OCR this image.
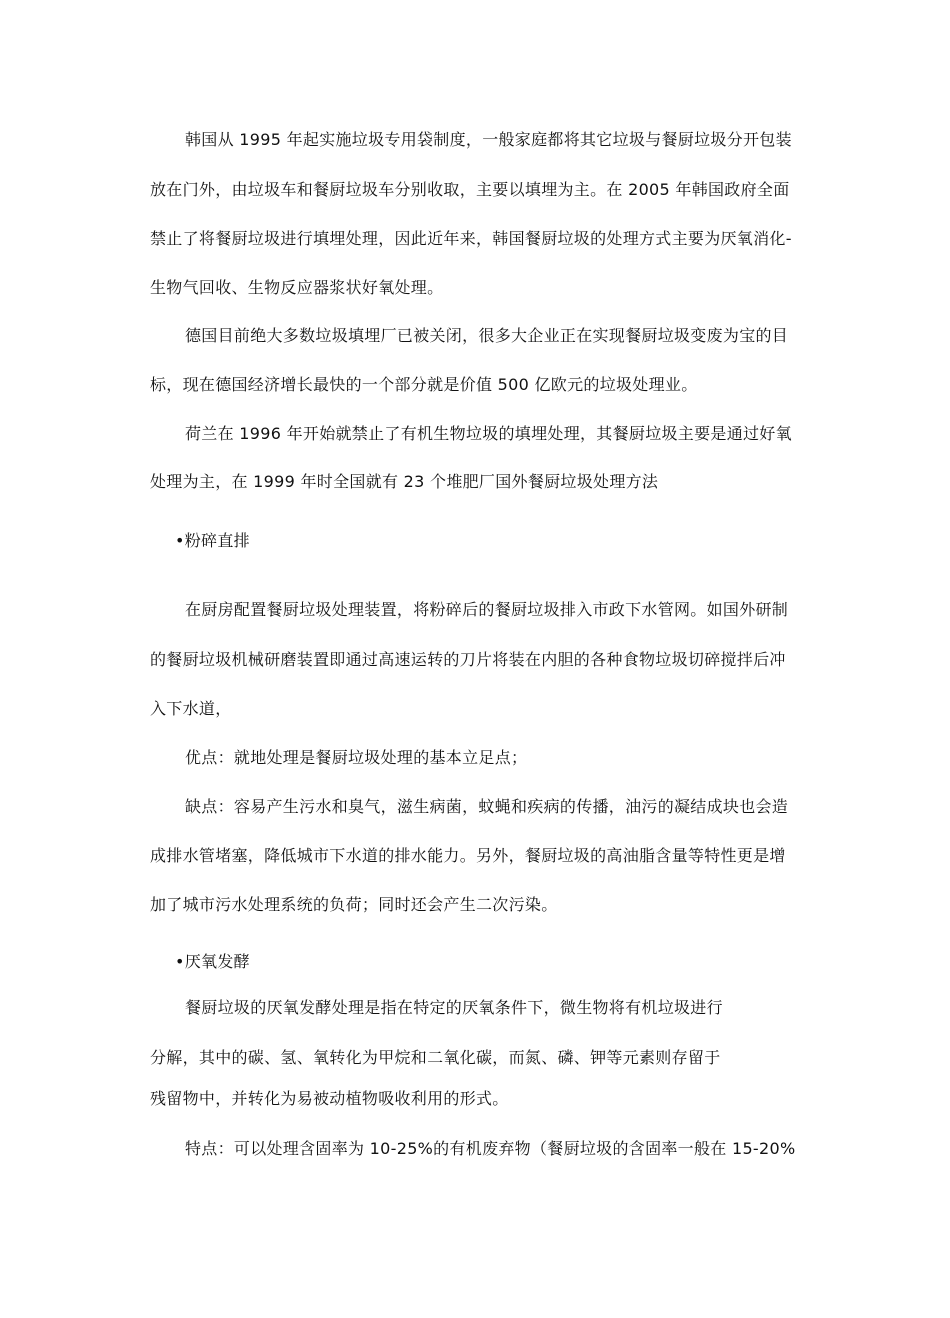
韩国从 1995 年起实施垃圾专用袋制度，一般家庭都将其它垃圾与餐厨垃圾分开包装
放在门外，由垃圾车和餐厨垃圾车分别收取，主要以填埋为主。在 2005 年韩国政府全面
禁止了将餐厨垃圾进行填埋处理，因此近年来，韩国餐厨垃圾的处理方式主要为厌氧消化-
生物气回收、生物反应器浆状好氧处理。
德国目前绝大多数垃圾填埋厂已被关闭，很多大企业正在实现餐厨垃圾变废为宝的目
标，现在德国经济增长最快的一个部分就是价值 500 亿欧元的垃圾处理业。
荷兰在 1996 年开始就禁止了有机生物垃圾的填埋处理，其餐厨垃圾主要是通过好氧
处理为主，在 1999 年时全国就有 23 个堆肥厂国外餐厨垃圾处理方法
•粉碎直排
在厨房配置餐厨垃圾处理装置，将粉碎后的餐厨垃圾排入市政下水管网。如国外研制
的餐厨垃圾机械研磨装置即通过高速运转的刀片将装在内胆的各种食物垃圾切碎搅拌后冲
入下水道，
优点：就地处理是餐厨垃圾处理的基本立足点；
缺点：容易产生污水和臭气，滋生病菌，蚊蝇和疾病的传播，油污的凝结成块也会造
成排水管堵塞，降低城市下水道的排水能力。另外，餐厨垃圾的高油脂含量等特性更是增
加了城市污水处理系统的负荷；同时还会产生二次污染。
•厌氧发酵
餐厨垃圾的厌氧发酵处理是指在特定的厌氧条件下，微生物将有机垃圾进行
分解，其中的碳、氢、氧转化为甲烷和二氧化碳，而氮、磷、钾等元素则存留于
残留物中，并转化为易被动植物吸收利用的形式。
特点：可以处理含固率为 10-25%的有机废弃物（餐厨垃圾的含固率一般在 15-20%
